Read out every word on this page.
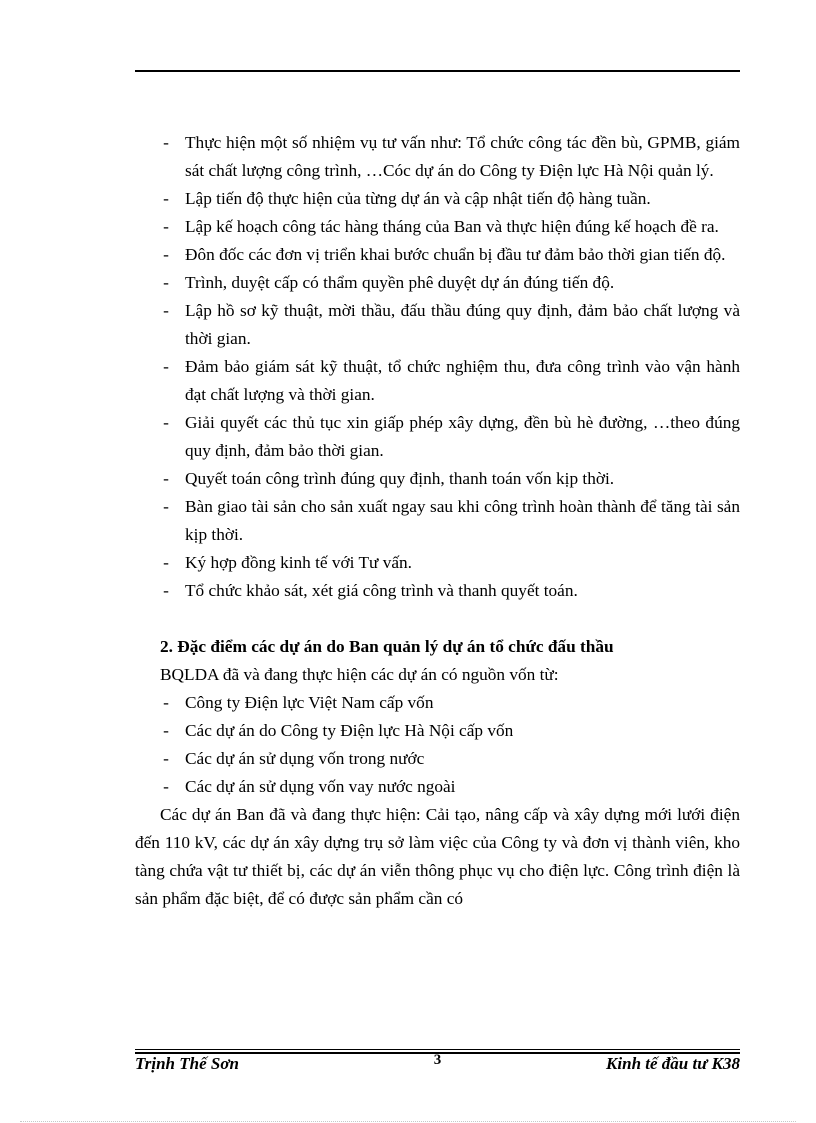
- Thực hiện một số nhiệm vụ tư vấn như: Tổ chức công tác đền bù, GPMB, giám sát chất lượng công trình, …Cóc dự án do Công ty Điện lực Hà Nội quản lý.
- Lập tiến độ thực hiện của từng dự án và cập nhật tiến độ hàng tuần.
- Lập kế hoạch công tác hàng tháng của Ban và thực hiện đúng kế hoạch đề ra.
- Đôn đốc các đơn vị triển khai bước chuẩn bị đầu tư đảm bảo thời gian tiến độ.
- Trình, duyệt cấp có thẩm quyền phê duyệt dự án đúng tiến độ.
- Lập hồ sơ kỹ thuật, mời thầu, đấu thầu đúng quy định, đảm bảo chất lượng và thời gian.
- Đảm bảo giám sát kỹ thuật, tổ chức nghiệm thu, đưa công trình vào vận hành đạt chất lượng và thời gian.
- Giải quyết các thủ tục xin giấp phép xây dựng, đền bù hè đường, …theo đúng quy định, đảm bảo thời gian.
- Quyết toán công trình đúng quy định, thanh toán vốn kịp thời.
- Bàn giao tài sản cho sản xuất ngay sau khi công trình hoàn thành để tăng tài sản kịp thời.
- Ký hợp đồng kinh tế với Tư vấn.
- Tổ chức khảo sát, xét giá công trình và thanh quyết toán.
2. Đặc điểm các dự án do Ban quản lý dự án tổ chức đấu thầu
BQLDA đã và đang thực hiện các dự án có nguồn vốn từ:
- Công ty Điện lực Việt Nam cấp vốn
- Các dự án do Công ty Điện lực Hà Nội cấp vốn
- Các dự án sử dụng vốn trong nước
- Các dự án sử dụng vốn vay nước ngoài
Các dự án Ban đã và đang thực hiện: Cải tạo, nâng cấp và xây dựng mới lưới điện đến 110 kV, các dự án xây dựng trụ sở làm việc của Công ty và đơn vị thành viên, kho tàng chứa vật tư thiết bị, các dự án viễn thông phục vụ cho điện lực. Công trình điện là sản phẩm đặc biệt, để có được sản phẩm cần có
Trịnh Thế Sơn	3	Kinh tế đầu tư K38
